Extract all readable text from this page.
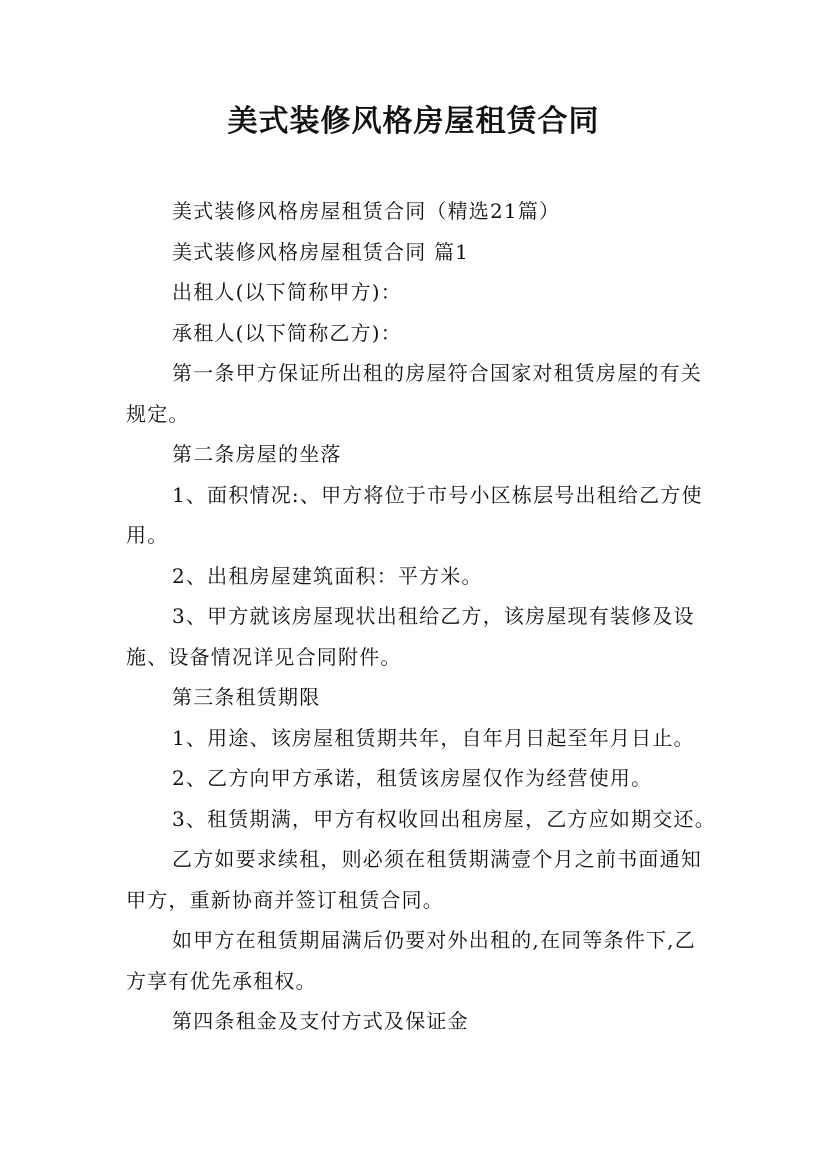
美式装修风格房屋租赁合同

美式装修风格房屋租赁合同（精选21篇）

美式装修风格房屋租赁合同 篇1

出租人(以下简称甲方)：

承租人(以下简称乙方)：

第一条甲方保证所出租的房屋符合国家对租赁房屋的有关规定。

第二条房屋的坐落

1、面积情况:、甲方将位于市号小区栋层号出租给乙方使用。

2、出租房屋建筑面积：平方米。

3、甲方就该房屋现状出租给乙方，该房屋现有装修及设施、设备情况详见合同附件。

第三条租赁期限

1、用途、该房屋租赁期共年，自年月日起至年月日止。

2、乙方向甲方承诺，租赁该房屋仅作为经营使用。

3、租赁期满，甲方有权收回出租房屋，乙方应如期交还。

乙方如要求续租，则必须在租赁期满壹个月之前书面通知甲方，重新协商并签订租赁合同。

如甲方在租赁期届满后仍要对外出租的,在同等条件下,乙方享有优先承租权。

第四条租金及支付方式及保证金
